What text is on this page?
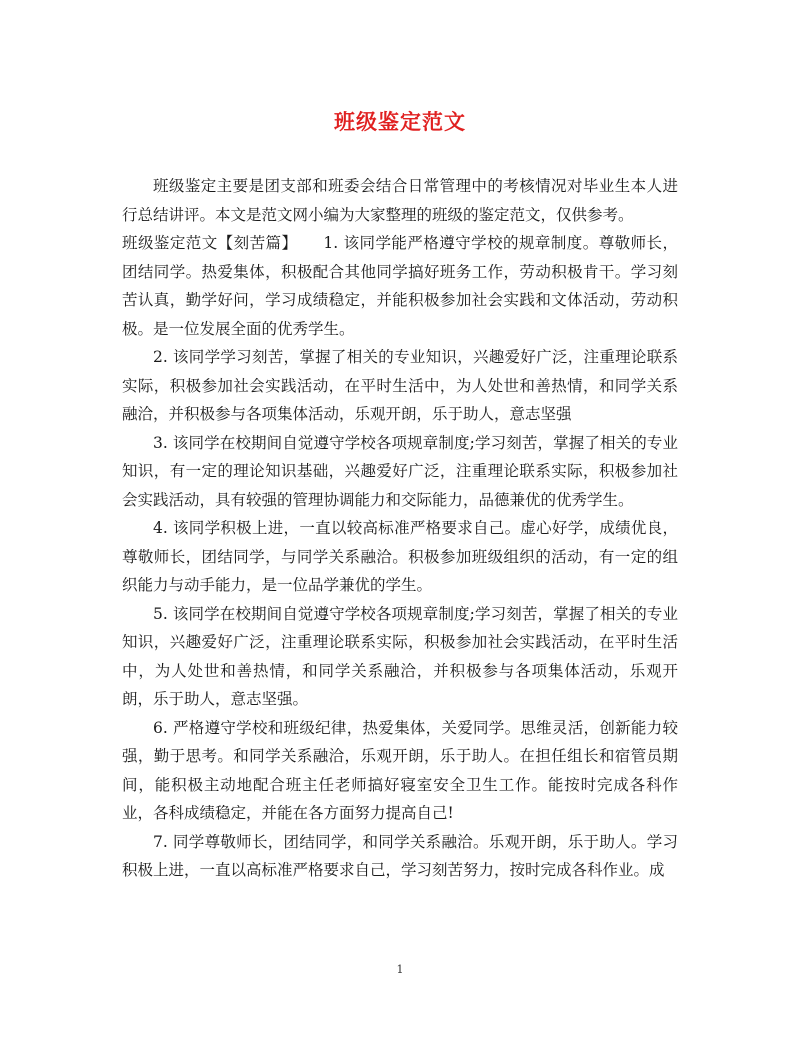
班级鉴定范文

班级鉴定主要是团支部和班委会结合日常管理中的考核情况对毕业生本人进行总结讲评。本文是范文网小编为大家整理的班级的鉴定范文，仅供参考。

班级鉴定范文【刻苦篇】 1. 该同学能严格遵守学校的规章制度。尊敬师长，团结同学。热爱集体，积极配合其他同学搞好班务工作，劳动积极肯干。学习刻苦认真，勤学好问，学习成绩稳定，并能积极参加社会实践和文体活动，劳动积极。是一位发展全面的优秀学生。

2. 该同学学习刻苦，掌握了相关的专业知识，兴趣爱好广泛，注重理论联系实际，积极参加社会实践活动，在平时生活中，为人处世和善热情，和同学关系融洽，并积极参与各项集体活动，乐观开朗，乐于助人，意志坚强

3. 该同学在校期间自觉遵守学校各项规章制度;学习刻苦，掌握了相关的专业知识，有一定的理论知识基础，兴趣爱好广泛，注重理论联系实际，积极参加社会实践活动，具有较强的管理协调能力和交际能力，品德兼优的优秀学生。

4. 该同学积极上进，一直以较高标准严格要求自己。虚心好学，成绩优良，尊敬师长，团结同学，与同学关系融洽。积极参加班级组织的活动，有一定的组织能力与动手能力，是一位品学兼优的学生。

5. 该同学在校期间自觉遵守学校各项规章制度;学习刻苦，掌握了相关的专业知识，兴趣爱好广泛，注重理论联系实际，积极参加社会实践活动，在平时生活中，为人处世和善热情，和同学关系融洽，并积极参与各项集体活动，乐观开朗，乐于助人，意志坚强。

6. 严格遵守学校和班级纪律，热爱集体，关爱同学。思维灵活，创新能力较强，勤于思考。和同学关系融洽，乐观开朗，乐于助人。在担任组长和宿管员期间，能积极主动地配合班主任老师搞好寝室安全卫生工作。能按时完成各科作业，各科成绩稳定，并能在各方面努力提高自己!

7. 同学尊敬师长，团结同学，和同学关系融洽。乐观开朗，乐于助人。学习积极上进，一直以高标准严格要求自己，学习刻苦努力，按时完成各科作业。成

1
